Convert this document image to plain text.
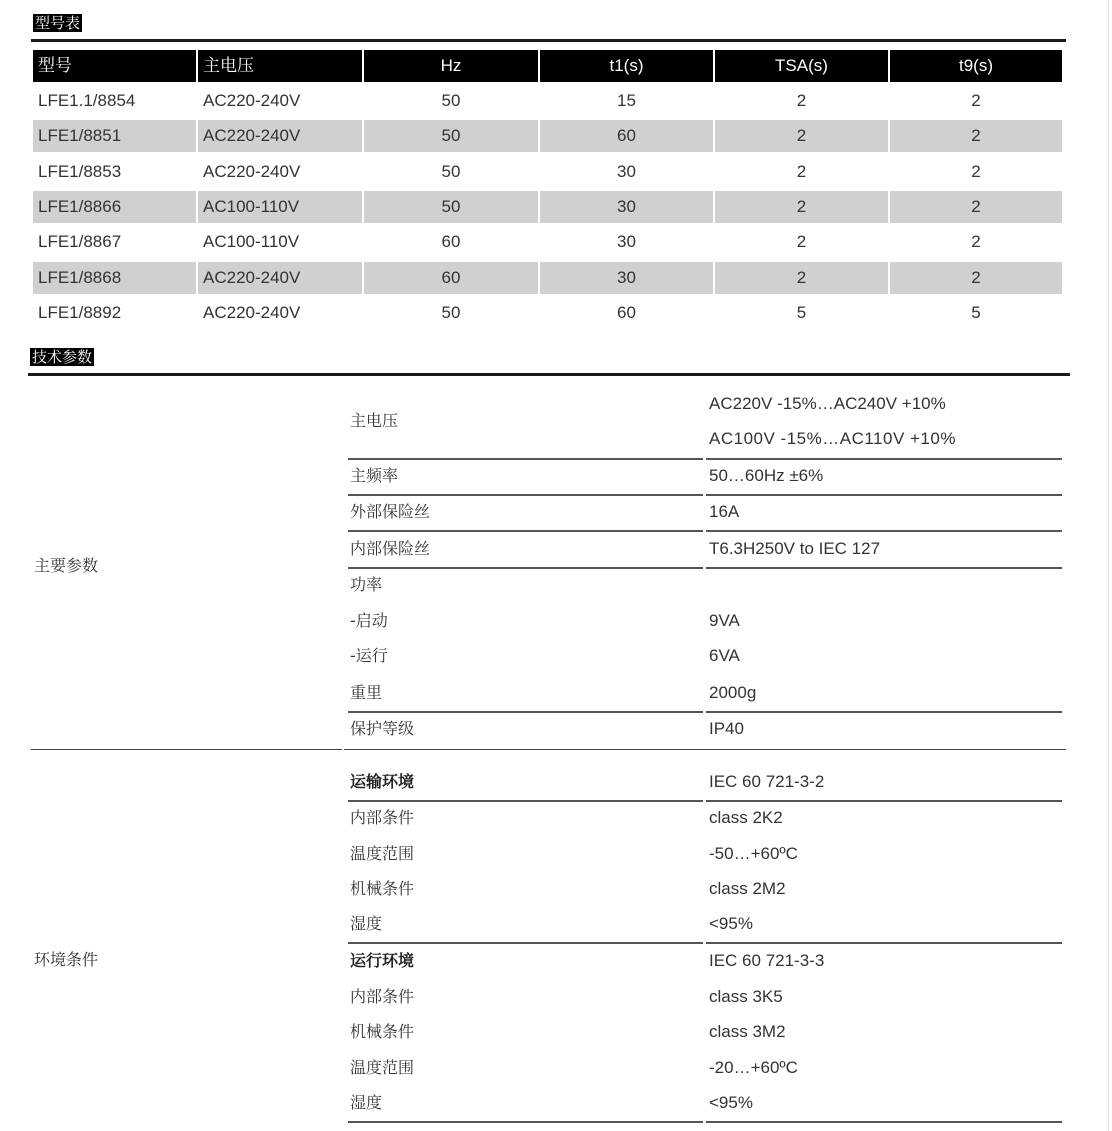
型号表
型号	主电压	Hz	t1(s)	TSA(s)	t9(s)
LFE1.1/8854	AC220-240V	50	15	2	2
LFE1/8851	AC220-240V	50	60	2	2
LFE1/8853	AC220-240V	50	30	2	2
LFE1/8866	AC100-110V	50	30	2	2
LFE1/8867	AC100-110V	60	30	2	2
LFE1/8868	AC220-240V	60	30	2	2
LFE1/8892	AC220-240V	50	60	5	5
技术参数
主要参数
主电压
AC220V -15%…AC240V +10%
AC100V -15%…AC110V +10%
主频率	50…60Hz ±6%
外部保险丝	16A
内部保险丝	T6.3H250V to IEC 127
功率
-启动	9VA
-运行	6VA
重里	2000g
保护等级	IP40
环境条件
运输环境	IEC 60 721-3-2
内部条件	class 2K2
温度范围	-50…+60ºC
机械条件	class 2M2
湿度	<95%
运行环境	IEC 60 721-3-3
内部条件	class 3K5
机械条件	class 3M2
温度范围	-20…+60ºC
湿度	<95%
